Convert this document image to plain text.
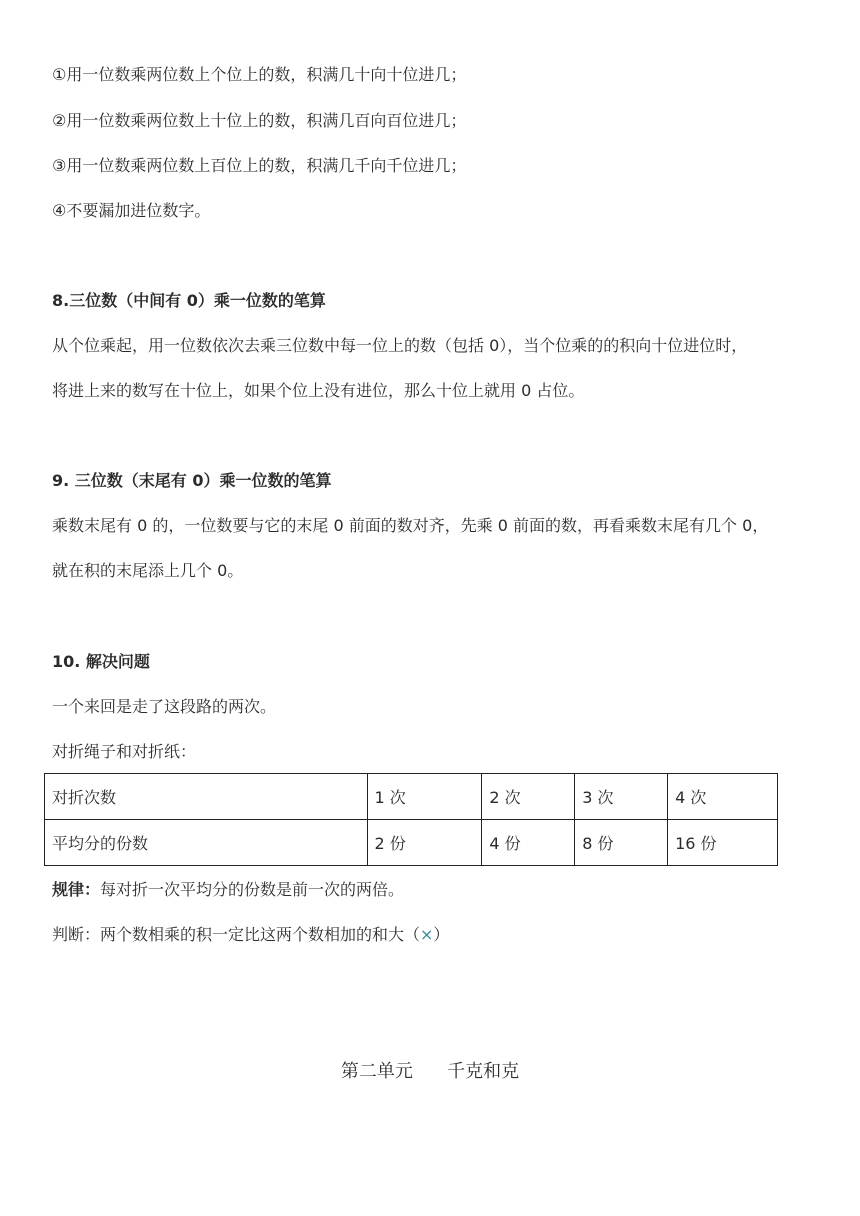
①用一位数乘两位数上个位上的数，积满几十向十位进几；
②用一位数乘两位数上十位上的数，积满几百向百位进几；
③用一位数乘两位数上百位上的数，积满几千向千位进几；
④不要漏加进位数字。
8.三位数（中间有 0）乘一位数的笔算
从个位乘起，用一位数依次去乘三位数中每一位上的数（包括 0），当个位乘的的积向十位进位时，
将进上来的数写在十位上，如果个位上没有进位，那么十位上就用 0 占位。
9. 三位数（末尾有 0）乘一位数的笔算
乘数末尾有 0 的，一位数要与它的末尾 0 前面的数对齐，先乘 0 前面的数，再看乘数末尾有几个 0，
就在积的末尾添上几个 0。
10. 解决问题
一个来回是走了这段路的两次。
对折绳子和对折纸：
对折次数	1 次	2 次	3 次	4 次
平均分的份数	2 份	4 份	8 份	16 份
规律：每对折一次平均分的份数是前一次的两倍。
判断：两个数相乘的积一定比这两个数相加的和大（×）
第二单元      千克和克
